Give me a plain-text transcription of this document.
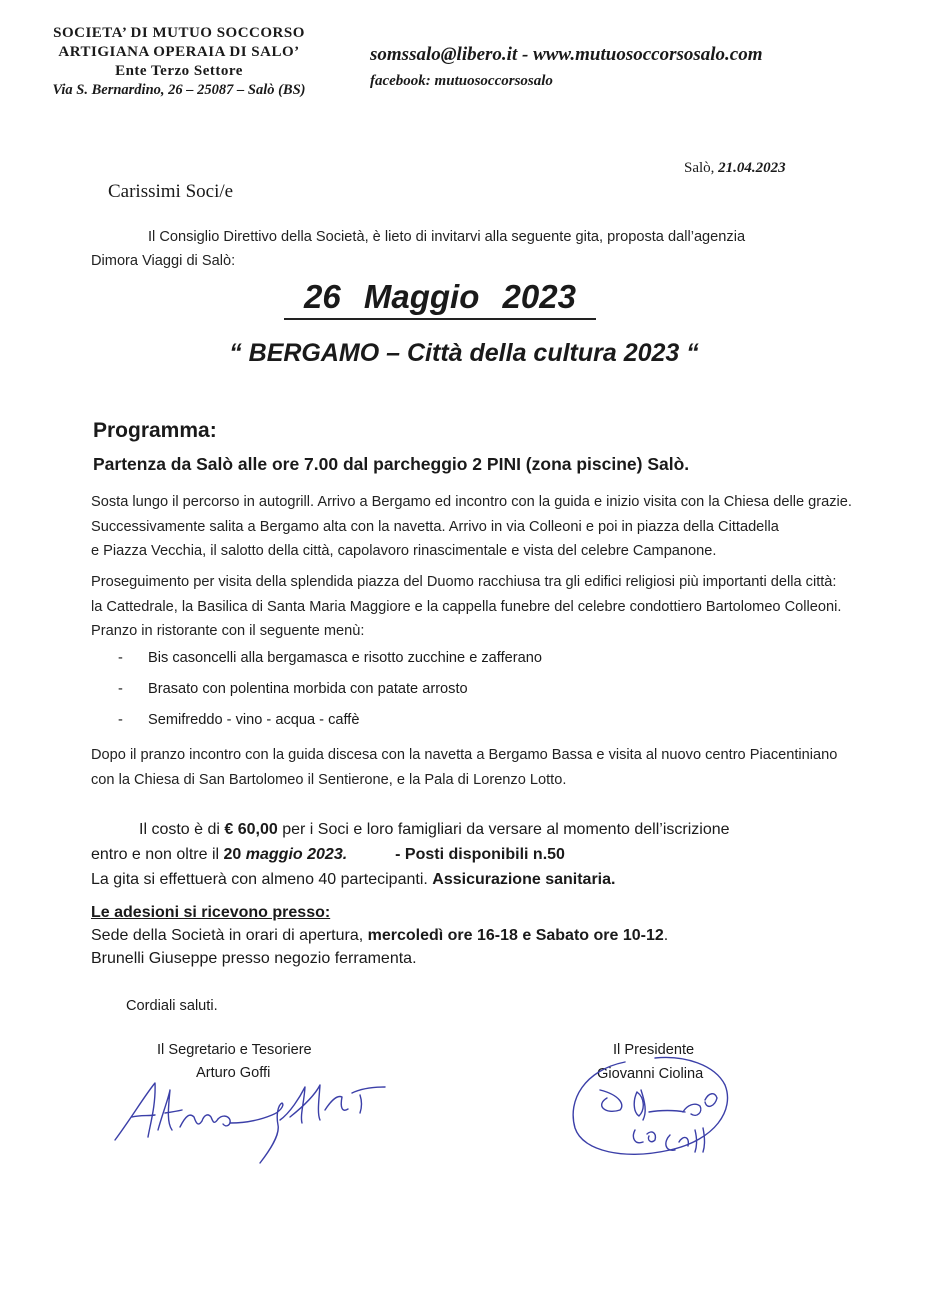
SOCIETA’ DI MUTUO SOCCORSO
ARTIGIANA OPERAIA DI SALO’
Ente Terzo Settore
Via S. Bernardino, 26 – 25087 – Salò (BS)
somssalo@libero.it - www.mutuosoccorsosalo.com
facebook: mutuosoccorsosalo
Salò, 21.04.2023
Carissimi Soci/e
Il Consiglio Direttivo della Società, è lieto di invitarvi alla seguente gita, proposta dall’agenzia
Dimora Viaggi di Salò:
26 Maggio 2023
“ BERGAMO – Città della cultura 2023 “
Programma:
Partenza da Salò alle ore 7.00 dal parcheggio 2 PINI (zona piscine) Salò.
Sosta lungo il percorso in autogrill. Arrivo a Bergamo ed incontro con la guida e inizio visita con la Chiesa delle grazie.
Successivamente salita a Bergamo alta con la navetta. Arrivo in via Colleoni e poi in piazza della Cittadella
e Piazza Vecchia, il salotto della città, capolavoro rinascimentale e vista del celebre Campanone.
Proseguimento per visita della splendida piazza del Duomo racchiusa tra gli edifici religiosi più importanti della città:
la Cattedrale, la Basilica di Santa Maria Maggiore e la cappella funebre del celebre condottiero Bartolomeo Colleoni.
Pranzo in ristorante con il seguente menù:
- Bis casoncelli alla bergamasca e risotto zucchine e zafferano
- Brasato con polentina morbida con patate arrosto
- Semifreddo - vino - acqua - caffè
Dopo il pranzo incontro con la guida discesa con la navetta a Bergamo Bassa e visita al nuovo centro Piacentiniano
con la Chiesa di San Bartolomeo il Sentierone, e la Pala di Lorenzo Lotto.
Il costo è di € 60,00 per i Soci e loro famigliari da versare al momento dell’iscrizione
entro e non oltre il 20 maggio 2023.	- Posti disponibili n.50
La gita si effettuerà con almeno 40 partecipanti. Assicurazione sanitaria.
Le adesioni si ricevono presso:
Sede della Società in orari di apertura, mercoledì ore 16-18 e Sabato ore 10-12.
Brunelli Giuseppe presso negozio ferramenta.
Cordiali saluti.
Il Segretario e Tesoriere
Arturo Goffi
Il Presidente
Giovanni Ciolina
